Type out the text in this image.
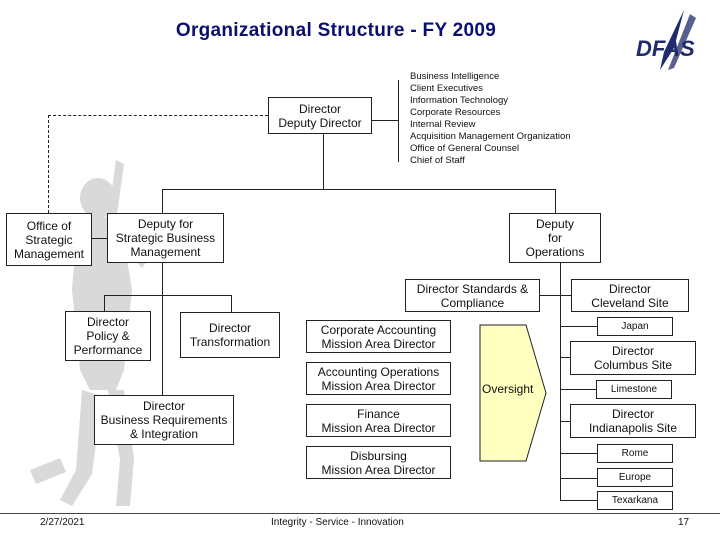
Organizational Structure - FY 2009
DFAS
Director
Deputy Director
Business Intelligence
Client Executives
Information Technology
Corporate Resources
Internal Review
Acquisition Management Organization
Office of General Counsel
Chief of Staff
Office of
Strategic
Management
Deputy for
Strategic Business
Management
Deputy
for
Operations
Director
Policy &
Performance
Director
Transformation
Director
Business Requirements
& Integration
Director Standards &
Compliance
Corporate Accounting
Mission Area Director
Accounting Operations
Mission Area Director
Finance
Mission Area Director
Disbursing
Mission Area Director
Oversight
Director
Cleveland Site
Japan
Director
Columbus Site
Limestone
Director
Indianapolis Site
Rome
Europe
Texarkana
2/27/2021	Integrity - Service - Innovation	17
